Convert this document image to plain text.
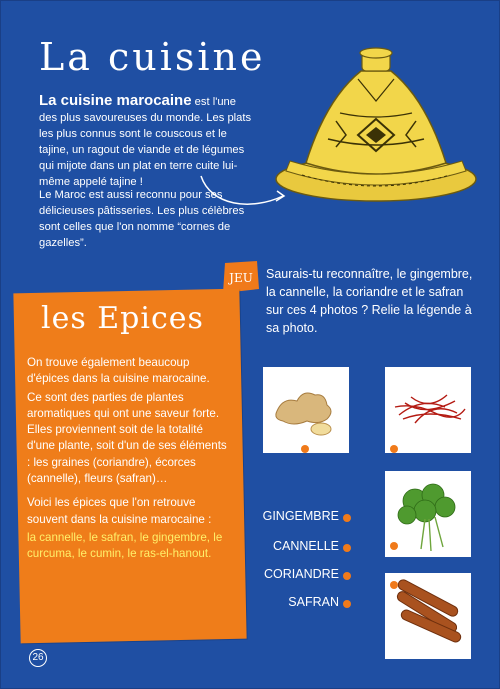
La cuisine

La cuisine marocaine est l'une des plus savoureuses du monde. Les plats les plus connus sont le couscous et le tajine, un ragout de viande et de légumes qui mijote dans un plat en terre cuite lui-même appelé tajine !

Le Maroc est aussi reconnu pour ses délicieuses pâtisseries. Les plus célèbres sont celles que l'on nomme “cornes de gazelles”.
JEU Saurais-tu reconnaître, le gingembre, la cannelle, la coriandre et le safran sur ces 4 photos ? Relie la légende à sa photo.
les Epices

On trouve également beaucoup d'épices dans la cuisine marocaine.

Ce sont des parties de plantes aromatiques qui ont une saveur forte. Elles proviennent soit de la totalité d'une plante, soit d'un de ses éléments : les graines (coriandre), écorces (cannelle), fleurs (safran)…

Voici les épices que l'on retrouve souvent dans la cuisine marocaine :

la cannelle, le safran, le gingembre, le curcuma, le cumin, le ras-el-hanout.

GINGEMBRE
CANNELLE
CORIANDRE
SAFRAN
26
